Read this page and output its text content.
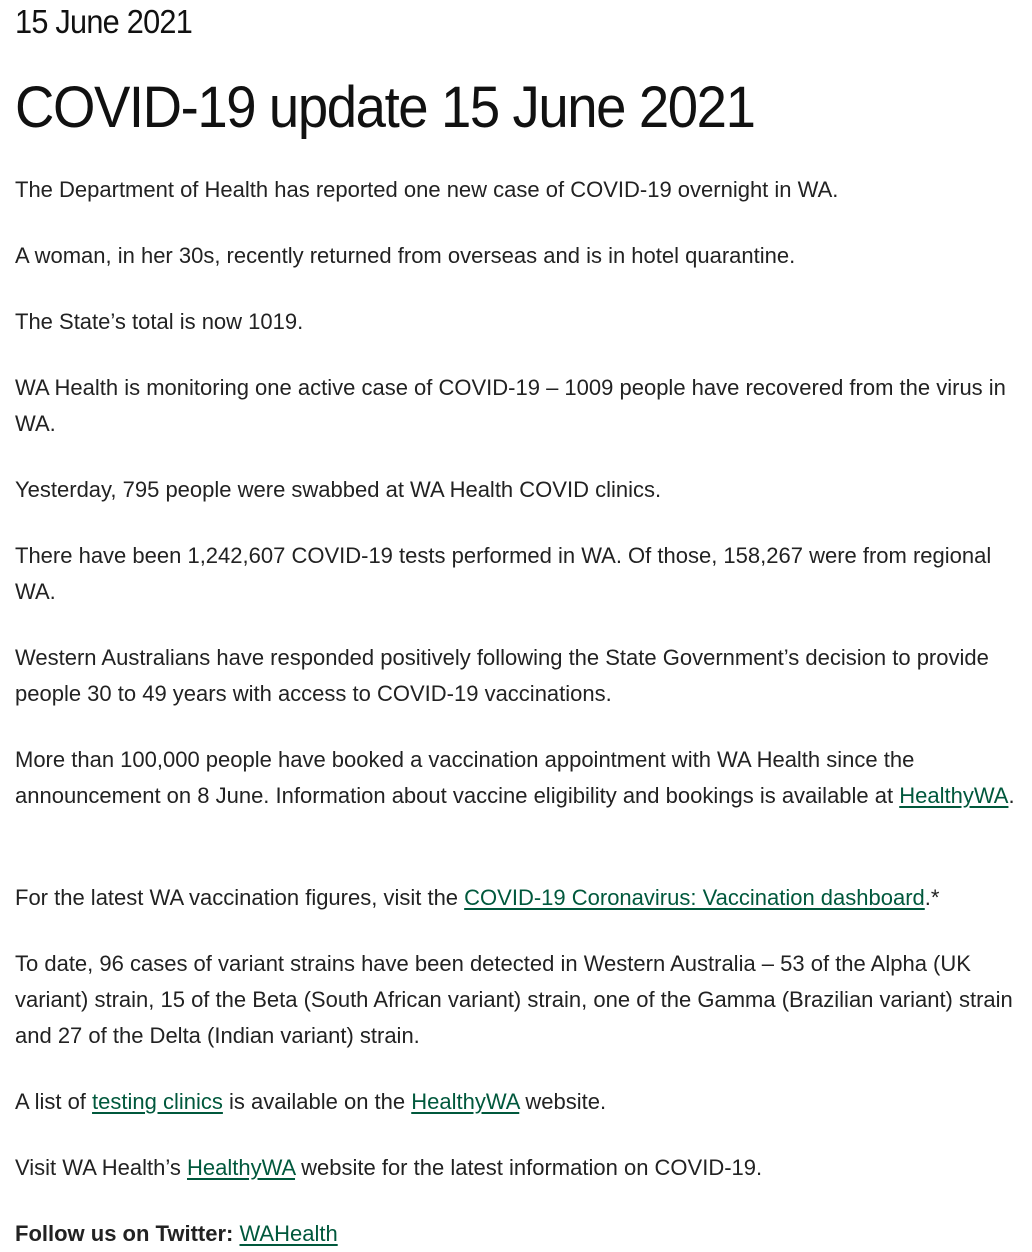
15 June 2021
COVID-19 update 15 June 2021

The Department of Health has reported one new case of COVID-19 overnight in WA.

A woman, in her 30s, recently returned from overseas and is in hotel quarantine.

The State’s total is now 1019.

WA Health is monitoring one active case of COVID-19 – 1009 people have recovered from the virus in WA.

Yesterday, 795 people were swabbed at WA Health COVID clinics.

There have been 1,242,607 COVID-19 tests performed in WA. Of those, 158,267 were from regional WA.

Western Australians have responded positively following the State Government’s decision to provide people 30 to 49 years with access to COVID-19 vaccinations.

More than 100,000 people have booked a vaccination appointment with WA Health since the announcement on 8 June. Information about vaccine eligibility and bookings is available at HealthyWA.

For the latest WA vaccination figures, visit the COVID-19 Coronavirus: Vaccination dashboard.*

To date, 96 cases of variant strains have been detected in Western Australia – 53 of the Alpha (UK variant) strain, 15 of the Beta (South African variant) strain, one of the Gamma (Brazilian variant) strain and 27 of the Delta (Indian variant) strain.

A list of testing clinics is available on the HealthyWA website.

Visit WA Health’s HealthyWA website for the latest information on COVID-19.

Follow us on Twitter: WAHealth
